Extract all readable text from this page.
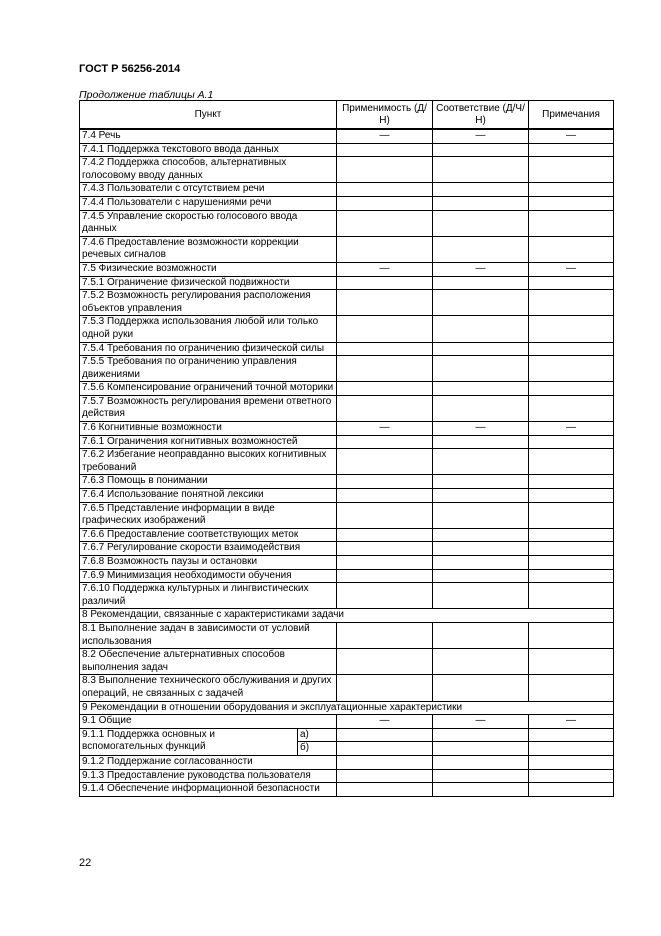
ГОСТ Р 56256-2014
Продолжение таблицы А.1
Пункт		Применимость (Д/Н)	Соответствие (Д/Ч/Н)	Примечания
7.4 Речь		—	—	—
7.4.1 Поддержка текстового ввода данных				
7.4.2 Поддержка способов, альтернативных голосовому вводу данных				
7.4.3 Пользователи с отсутствием речи				
7.4.4 Пользователи с нарушениями речи				
7.4.5 Управление скоростью голосового ввода данных				
7.4.6 Предоставление возможности коррекции речевых сигналов				
7.5 Физические возможности		—	—	—
7.5.1 Ограничение физической подвижности				
7.5.2 Возможность регулирования расположения объектов управления				
7.5.3 Поддержка использования любой или только одной руки				
7.5.4 Требования по ограничению физической силы				
7.5.5 Требования по ограничению управления движениями				
7.5.6 Компенсирование ограничений точной моторики				
7.5.7 Возможность регулирования времени ответного действия				
7.6 Когнитивные возможности		—	—	—
7.6.1 Ограничения когнитивных возможностей				
7.6.2 Избегание неоправданно высоких когнитивных требований				
7.6.3 Помощь в понимании				
7.6.4 Использование понятной лексики				
7.6.5 Представление информации в виде графических изображений				
7.6.6 Предоставление соответствующих меток				
7.6.7 Регулирование скорости взаимодействия				
7.6.8 Возможность паузы и остановки				
7.6.9 Минимизация необходимости обучения				
7.6.10 Поддержка культурных и лингвистических различий				
8 Рекомендации, связанные с характеристиками задачи				
8.1 Выполнение задач в зависимости от условий использования				
8.2 Обеспечение альтернативных способов выполнения задач				
8.3 Выполнение технического обслуживания и других операций, не связанных с задачей				
9 Рекомендации в отношении оборудования и эксплуатационные характеристики				
9.1 Общие		—	—	—
9.1.1 Поддержка основных и вспомогательных функций	а)			
	б)			
9.1.2 Поддержание согласованности				
9.1.3 Предоставление руководства пользователя				
9.1.4 Обеспечение информационной безопасности				
22
